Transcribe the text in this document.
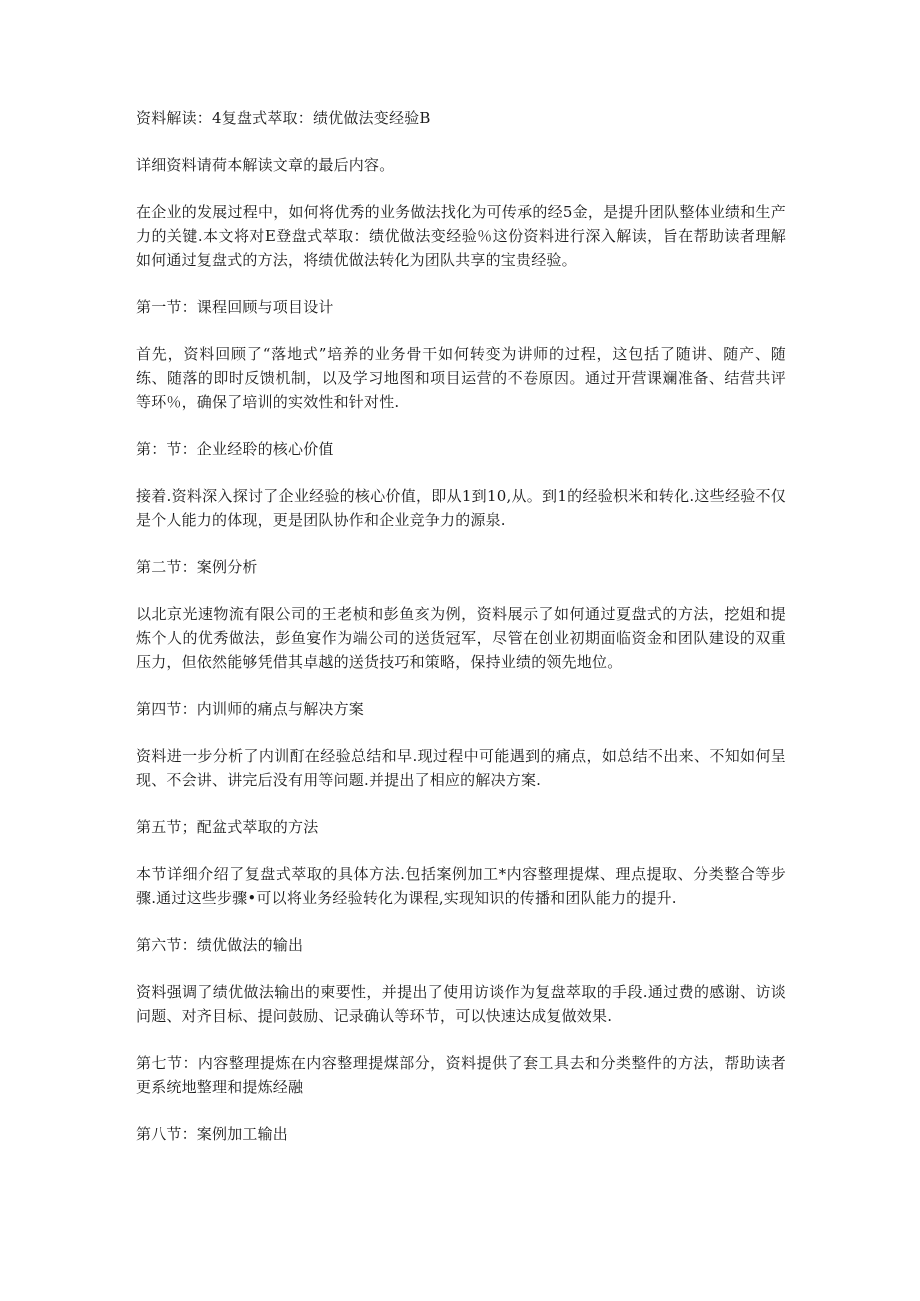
资料解读：4复盘式萃取：绩优做法变经验B

详细资料请荷本解读文章的最后内容。

在企业的发展过程中，如何将优秀的业务做法找化为可传承的经5金，是提升团队整体业绩和生产力的关键.本文将对E登盘式萃取：绩优做法变经验％这份资料进行深入解读，旨在帮助读者理解如何通过复盘式的方法，将绩优做法转化为团队共享的宝贵经验。

第一节：课程回顾与项目设计

首先，资料回顾了“落地式”培养的业务骨干如何转变为讲师的过程，这包括了随讲、随产、随练、随落的即时反馈机制，以及学习地图和项目运营的不卷原因。通过开营课斓准备、结营共评等环％，确保了培训的实效性和针对性.

第：节：企业经聆的核心价值

接着.资料深入探讨了企业经验的核心价值，即从1到10,从。到1的经验枳米和转化.这些经验不仅是个人能力的体现，更是团队协作和企业竞争力的源泉.

第二节：案例分析

以北京光速物流有限公司的王老桢和彭鱼亥为例，资料展示了如何通过夏盘式的方法，挖姐和提炼个人的优秀做法，彭鱼宴作为端公司的送货冠军，尽管在创业初期面临资金和团队建设的双重压力，但依然能够凭借其卓越的送货技巧和策略，保持业绩的领先地位。

第四节：内训师的痛点与解决方案

资料进一步分析了内训酊在经验总结和早.现过程中可能遇到的痛点，如总结不出来、不知如何呈现、不会讲、讲完后没有用等问题.并提出了相应的解决方案.

第五节；配盆式萃取的方法

本节详细介绍了复盘式萃取的具体方法.包括案例加工*内容整理提煤、理点提取、分类整合等步骤.通过这些步骤•可以将业务经验转化为课程,实现知识的传播和团队能力的提升.

第六节：绩优做法的输出

资料强调了绩优做法输出的柬要性，并提出了使用访谈作为复盘萃取的手段.通过费的感谢、访谈问题、对齐目标、提问鼓励、记录确认等环节，可以快速达成复做效果.

第七节：内容整理提炼在内容整理提煤部分，资料提供了套工具去和分类整件的方法，帮助读者更系统地整理和提炼经融

第八节：案例加工输出
